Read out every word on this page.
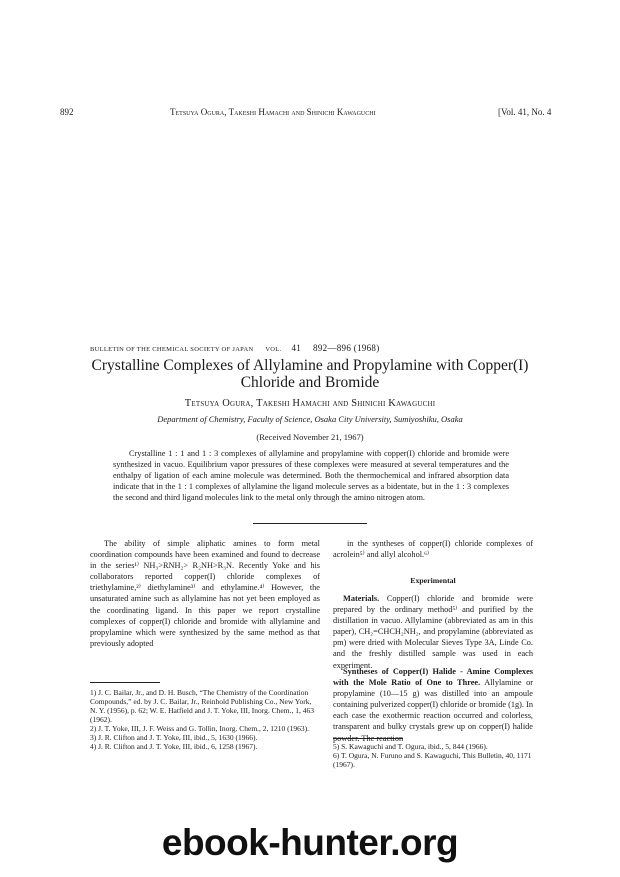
892	Tetsuya Ogura, Takeshi Hamachi and Shinichi Kawaguchi	[Vol. 41, No. 4
BULLETIN OF THE CHEMICAL SOCIETY OF JAPAN VOL. 41 892—896 (1968)
Crystalline Complexes of Allylamine and Propylamine with Copper(I) Chloride and Bromide
Tetsuya Ogura, Takeshi Hamachi and Shinichi Kawaguchi
Department of Chemistry, Faculty of Science, Osaka City University, Sumiyoshiku, Osaka
(Received November 21, 1967)
Crystalline 1 : 1 and 1 : 3 complexes of allylamine and propylamine with copper(I) chloride and bromide were synthesized in vacuo. Equilibrium vapor pressures of these complexes were measured at several temperatures and the enthalpy of ligation of each amine molecule was determined. Both the thermochemical and infrared absorption data indicate that in the 1 : 1 complexes of allylamine the ligand molecule serves as a bidentate, but in the 1 : 3 complexes the second and third ligand molecules link to the metal only through the amino nitrogen atom.
The ability of simple aliphatic amines to form metal coordination compounds have been examined and found to decrease in the series¹⁾ NH₃>RNH₂> R₂NH>R₃N. Recently Yoke and his collaborators reported copper(I) chloride complexes of triethylamine,²⁾ diethylamine³⁾ and ethylamine.⁴⁾ However, the unsaturated amine such as allylamine has not yet been employed as the coordinating ligand. In this paper we report crystalline complexes of copper(I) chloride and bromide with allylamine and propylamine which were synthesized by the same method as that previously adopted

1) J. C. Bailar, Jr., and D. H. Busch, “The Chemistry of the Coordination Compounds,” ed. by J. C. Bailar, Jr., Reinhold Publishing Co., New York, N. Y. (1956), p. 62; W. E. Hatfield and J. T. Yoke, III, Inorg. Chem., 1, 463 (1962).

2) J. T. Yoke, III, J. F. Weiss and G. Tollin, Inorg. Chem., 2, 1210 (1963).

3) J. R. Clifton and J. T. Yoke, III, ibid., 5, 1630 (1966).

4) J. R. Clifton and J. T. Yoke, III, ibid., 6, 1258 (1967).

in the syntheses of copper(I) chloride complexes of acrolein⁵⁾ and allyl alcohol.⁶⁾
Experimental
Materials. Copper(I) chloride and bromide were prepared by the ordinary method⁵⁾ and purified by the distillation in vacuo. Allylamine (abbreviated as am in this paper), CH₂=CHCH₂NH₂, and propylamine (abbreviated as pm) were dried with Molecular Sieves Type 3A, Linde Co. and the freshly distilled sample was used in each experiment.
Syntheses of Copper(I) Halide - Amine Complexes with the Mole Ratio of One to Three. Allylamine or propylamine (10—15 g) was distilled into an ampoule containing pulverized copper(I) chloride or bromide (1g). In each case the exothermic reaction occurred and colorless, transparent and bulky crystals grew up on copper(I) halide powder. The reaction

5) S. Kawaguchi and T. Ogura, ibid., 5, 844 (1966).

6) T. Ogura, N. Furuno and S. Kawaguchi, This Bulletin, 40, 1171 (1967).

ebook-hunter.org
